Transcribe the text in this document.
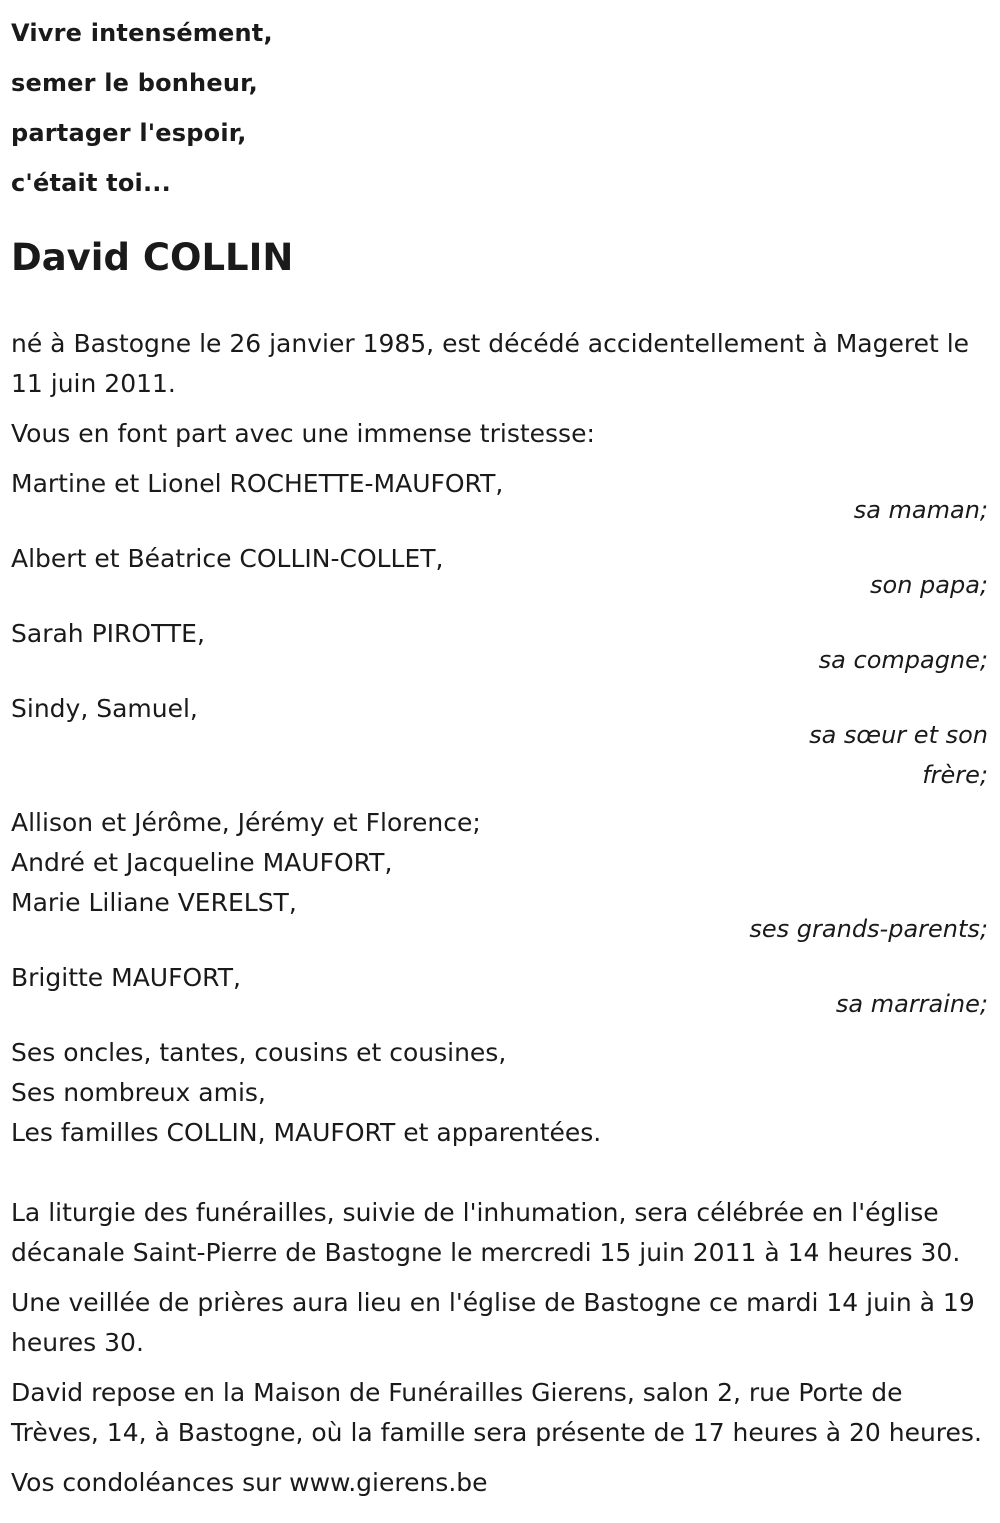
Vivre intensément,
semer le bonheur,
partager l'espoir,
c'était toi...
David COLLIN
né à Bastogne le 26 janvier 1985, est décédé accidentellement à Mageret le 11 juin 2011.
Vous en font part avec une immense tristesse:
Martine et Lionel ROCHETTE-MAUFORT,
sa maman;
Albert et Béatrice COLLIN-COLLET,
son papa;
Sarah PIROTTE,
sa compagne;
Sindy, Samuel,
sa sœur et son frère;
Allison et Jérôme, Jérémy et Florence;
André et Jacqueline MAUFORT,
Marie Liliane VERELST,
ses grands-parents;
Brigitte MAUFORT,
sa marraine;
Ses oncles, tantes, cousins et cousines,
Ses nombreux amis,
Les familles COLLIN, MAUFORT et apparentées.
La liturgie des funérailles, suivie de l'inhumation, sera célébrée en l'église décanale Saint-Pierre de Bastogne le mercredi 15 juin 2011 à 14 heures 30.
Une veillée de prières aura lieu en l'église de Bastogne ce mardi 14 juin à 19 heures 30.
David repose en la Maison de Funérailles Gierens, salon 2, rue Porte de Trèves, 14, à Bastogne, où la famille sera présente de 17 heures à 20 heures.
Vos condoléances sur www.gierens.be
